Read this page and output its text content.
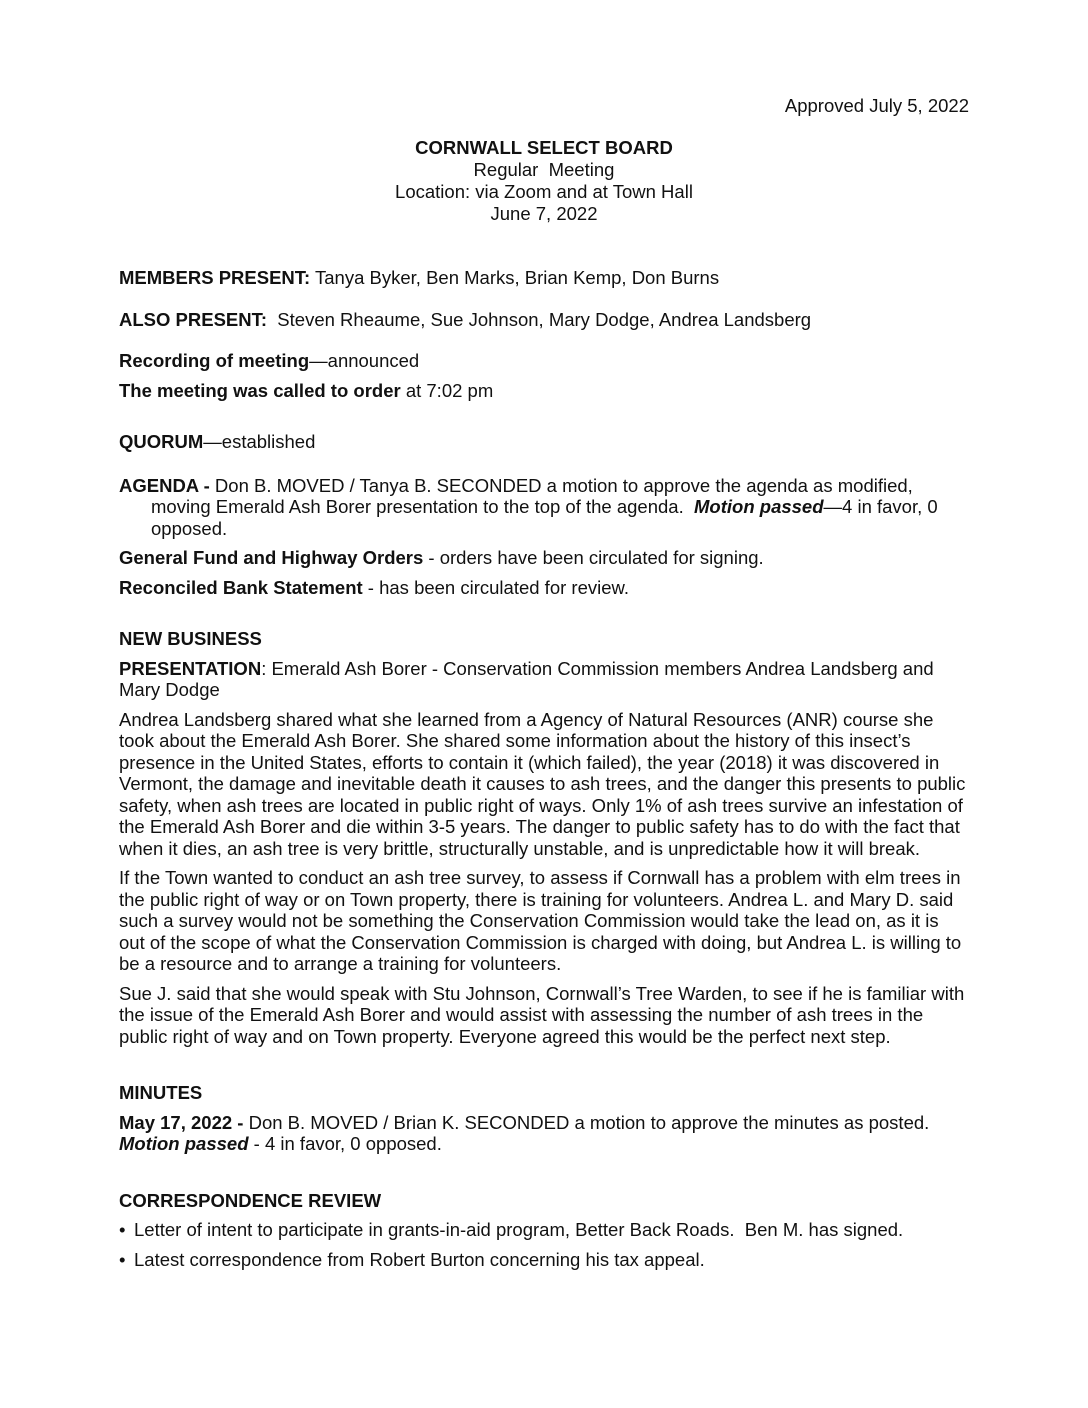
Approved July 5, 2022
CORNWALL SELECT BOARD
Regular  Meeting
Location: via Zoom and at Town Hall
June 7, 2022

MEMBERS PRESENT: Tanya Byker, Ben Marks, Brian Kemp, Don Burns

ALSO PRESENT:  Steven Rheaume, Sue Johnson, Mary Dodge, Andrea Landsberg

Recording of meeting—announced

The meeting was called to order at 7:02 pm

QUORUM—established

AGENDA - Don B. MOVED / Tanya B. SECONDED a motion to approve the agenda as modified, moving Emerald Ash Borer presentation to the top of the agenda.  Motion passed—4 in favor, 0 opposed.

General Fund and Highway Orders - orders have been circulated for signing.

Reconciled Bank Statement - has been circulated for review.

NEW BUSINESS

PRESENTATION: Emerald Ash Borer - Conservation Commission members Andrea Landsberg and Mary Dodge

Andrea Landsberg shared what she learned from a Agency of Natural Resources (ANR) course she took about the Emerald Ash Borer. She shared some information about the history of this insect’s presence in the United States, efforts to contain it (which failed), the year (2018) it was discovered in Vermont, the damage and inevitable death it causes to ash trees, and the danger this presents to public safety, when ash trees are located in public right of ways. Only 1% of ash trees survive an infestation of the Emerald Ash Borer and die within 3-5 years. The danger to public safety has to do with the fact that when it dies, an ash tree is very brittle, structurally unstable, and is unpredictable how it will break.

If the Town wanted to conduct an ash tree survey, to assess if Cornwall has a problem with elm trees in the public right of way or on Town property, there is training for volunteers. Andrea L. and Mary D. said such a survey would not be something the Conservation Commission would take the lead on, as it is out of the scope of what the Conservation Commission is charged with doing, but Andrea L. is willing to be a resource and to arrange a training for volunteers.

Sue J. said that she would speak with Stu Johnson, Cornwall’s Tree Warden, to see if he is familiar with the issue of the Emerald Ash Borer and would assist with assessing the number of ash trees in the public right of way and on Town property. Everyone agreed this would be the perfect next step.

MINUTES

May 17, 2022 - Don B. MOVED / Brian K. SECONDED a motion to approve the minutes as posted.  Motion passed - 4 in favor, 0 opposed.

CORRESPONDENCE REVIEW

• Letter of intent to participate in grants-in-aid program, Better Back Roads.  Ben M. has signed.
• Latest correspondence from Robert Burton concerning his tax appeal.
